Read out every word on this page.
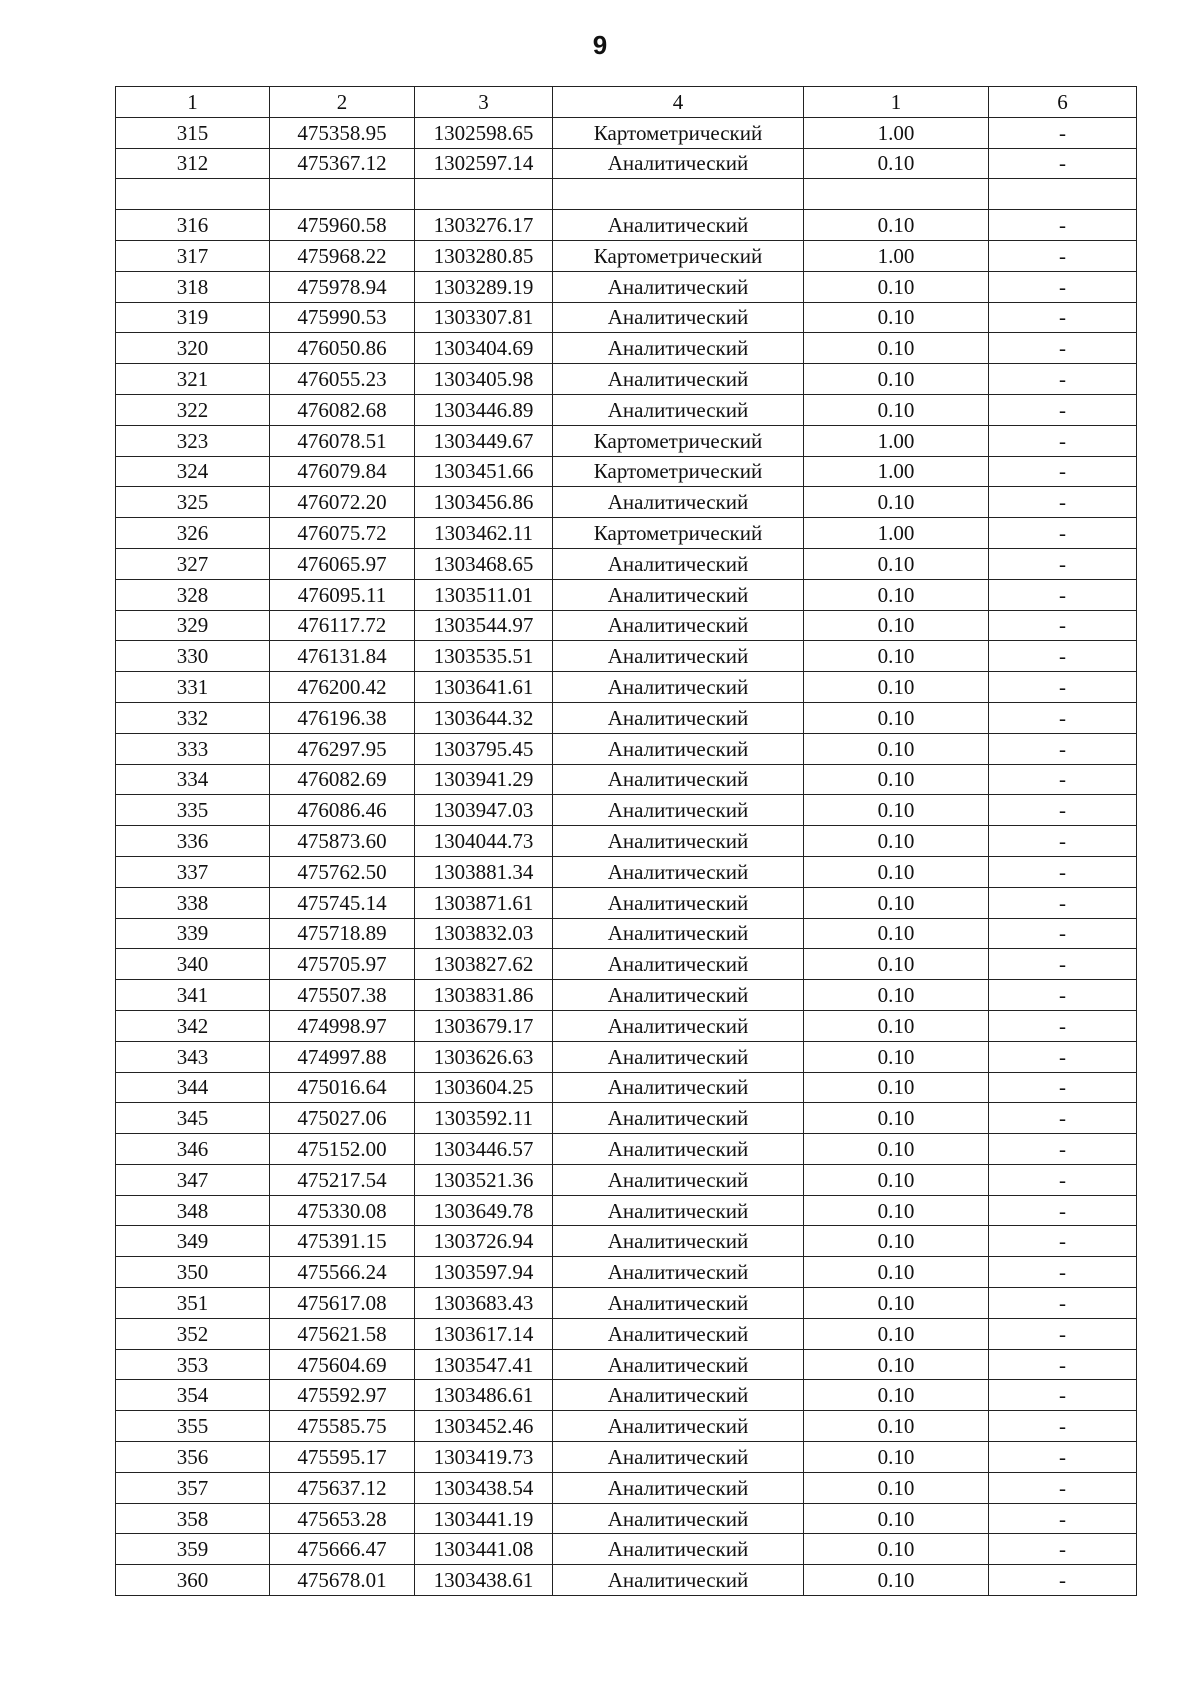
9
1	2	3	4	1	6
315	475358.95	1302598.65	Картометрический	1.00	-
312	475367.12	1302597.14	Аналитический	0.10	-

316	475960.58	1303276.17	Аналитический	0.10	-
317	475968.22	1303280.85	Картометрический	1.00	-
318	475978.94	1303289.19	Аналитический	0.10	-
319	475990.53	1303307.81	Аналитический	0.10	-
320	476050.86	1303404.69	Аналитический	0.10	-
321	476055.23	1303405.98	Аналитический	0.10	-
322	476082.68	1303446.89	Аналитический	0.10	-
323	476078.51	1303449.67	Картометрический	1.00	-
324	476079.84	1303451.66	Картометрический	1.00	-
325	476072.20	1303456.86	Аналитический	0.10	-
326	476075.72	1303462.11	Картометрический	1.00	-
327	476065.97	1303468.65	Аналитический	0.10	-
328	476095.11	1303511.01	Аналитический	0.10	-
329	476117.72	1303544.97	Аналитический	0.10	-
330	476131.84	1303535.51	Аналитический	0.10	-
331	476200.42	1303641.61	Аналитический	0.10	-
332	476196.38	1303644.32	Аналитический	0.10	-
333	476297.95	1303795.45	Аналитический	0.10	-
334	476082.69	1303941.29	Аналитический	0.10	-
335	476086.46	1303947.03	Аналитический	0.10	-
336	475873.60	1304044.73	Аналитический	0.10	-
337	475762.50	1303881.34	Аналитический	0.10	-
338	475745.14	1303871.61	Аналитический	0.10	-
339	475718.89	1303832.03	Аналитический	0.10	-
340	475705.97	1303827.62	Аналитический	0.10	-
341	475507.38	1303831.86	Аналитический	0.10	-
342	474998.97	1303679.17	Аналитический	0.10	-
343	474997.88	1303626.63	Аналитический	0.10	-
344	475016.64	1303604.25	Аналитический	0.10	-
345	475027.06	1303592.11	Аналитический	0.10	-
346	475152.00	1303446.57	Аналитический	0.10	-
347	475217.54	1303521.36	Аналитический	0.10	-
348	475330.08	1303649.78	Аналитический	0.10	-
349	475391.15	1303726.94	Аналитический	0.10	-
350	475566.24	1303597.94	Аналитический	0.10	-
351	475617.08	1303683.43	Аналитический	0.10	-
352	475621.58	1303617.14	Аналитический	0.10	-
353	475604.69	1303547.41	Аналитический	0.10	-
354	475592.97	1303486.61	Аналитический	0.10	-
355	475585.75	1303452.46	Аналитический	0.10	-
356	475595.17	1303419.73	Аналитический	0.10	-
357	475637.12	1303438.54	Аналитический	0.10	-
358	475653.28	1303441.19	Аналитический	0.10	-
359	475666.47	1303441.08	Аналитический	0.10	-
360	475678.01	1303438.61	Аналитический	0.10	-
